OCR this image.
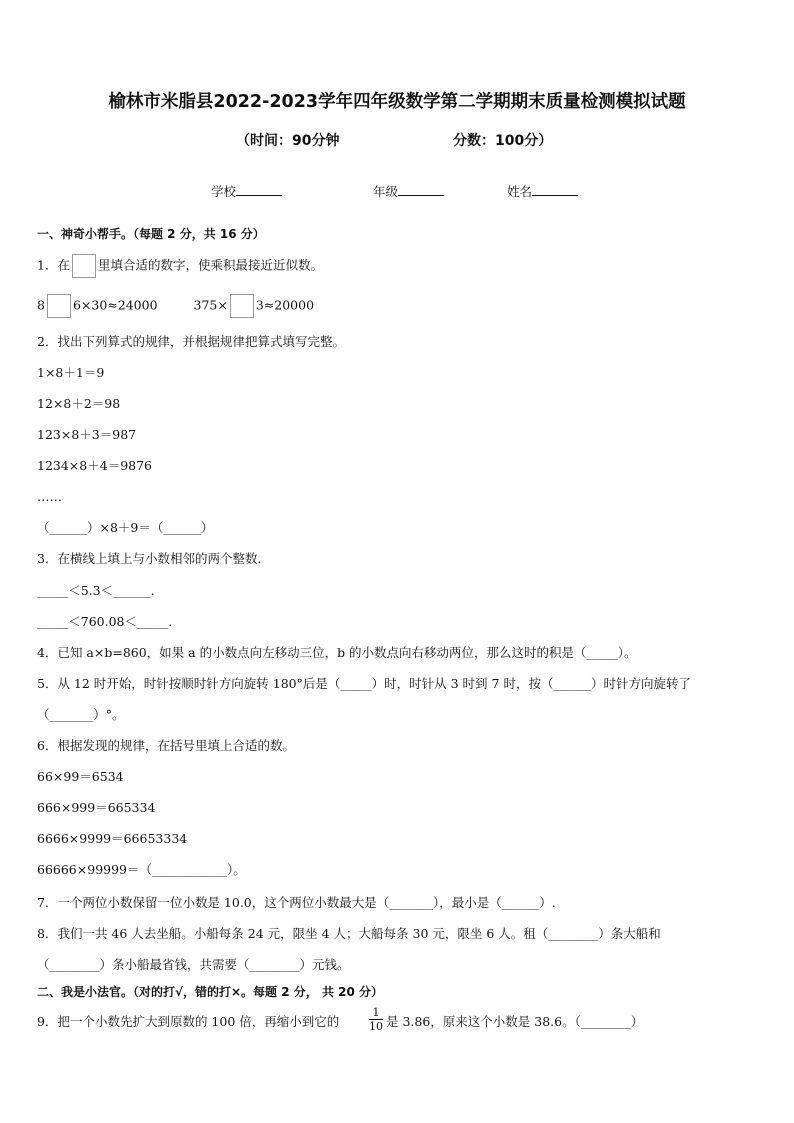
榆林市米脂县2022-2023学年四年级数学第二学期期末质量检测模拟试题
（时间：90分钟	分数：100分）
学校	年级	姓名
一、神奇小帮手。（每题 2 分，共 16 分）
1．在 里填合适的数字，使乘积最接近近似数。
8 6×30≈24000	375× 3≈20000
2．找出下列算式的规律，并根据规律把算式填写完整。
1×8＋1＝9
12×8＋2＝98
123×8＋3＝987
1234×8＋4＝9876
……
（______）×8＋9＝（______）
3．在横线上填上与小数相邻的两个整数．
_____＜5.3＜______.
_____＜760.08＜_____.
4．已知 a×b=860，如果 a 的小数点向左移动三位，b 的小数点向右移动两位，那么这时的积是（_____）。
5．从 12 时开始，时针按顺时针方向旋转 180°后是（_____）时，时针从 3 时到 7 时，按（______）时针方向旋转了
（_______）°。
6．根据发现的规律，在括号里填上合适的数。
66×99＝6534
666×999＝665334
6666×9999＝66653334
66666×99999＝（____________）。
7．一个两位小数保留一位小数是 10.0，这个两位小数最大是（_______），最小是（______）.
8．我们一共 46 人去坐船。小船每条 24 元，限坐 4 人；大船每条 30 元，限坐 6 人。租（________）条大船和
（________）条小船最省钱，共需要（________）元钱。
二、我是小法官。（对的打√，错的打×。每题 2 分， 共 20 分）
9．把一个小数先扩大到原数的 100 倍，再缩小到它的	$\frac{1}{10}$ 是 3.86，原来这个小数是 38.6。（________）
